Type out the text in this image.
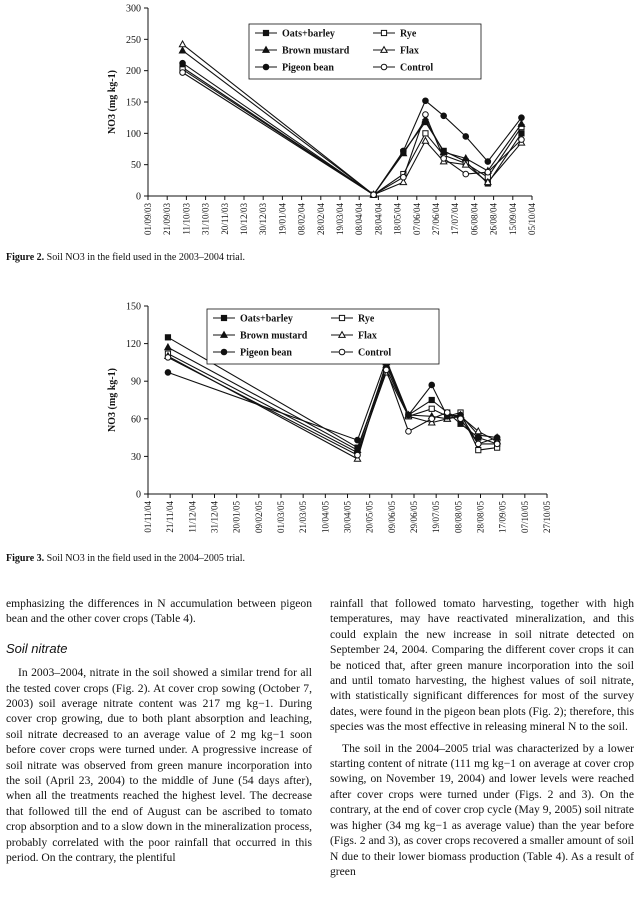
0
50
100
150
200
250
300
NO3 (mg kg-1)
01/09/03 21/09/03 11/10/03 31/10/03 20/11/03 10/12/03 30/12/03 19/01/04 08/02/04 28/02/04 19/03/04 08/04/04 28/04/04 18/05/04 07/06/04 27/06/04 17/07/04 06/08/04 26/08/04 15/09/04 05/10/04
Oats+barley	Rye
Brown mustard	Flax
Pigeon bean	Control
Figure 2. Soil NO3 in the field used in the 2003–2004 trial.
0
30
60
90
120
150
NO3 (mg kg-1)
01/11/04 21/11/04 11/12/04 31/12/04 20/01/05 09/02/05 01/03/05 21/03/05 10/04/05 30/04/05 20/05/05 09/06/05 29/06/05 19/07/05 08/08/05 28/08/05 17/09/05 07/10/05 27/10/05
Oats+barley	Rye
Brown mustard	Flax
Pigeon bean	Control
Figure 3. Soil NO3 in the field used in the 2004–2005 trial.

emphasizing the differences in N accumulation between pigeon bean and the other cover crops (Table 4).

Soil nitrate

In 2003–2004, nitrate in the soil showed a similar trend for all the tested cover crops (Fig. 2). At cover crop sowing (October 7, 2003) soil average nitrate content was 217 mg kg−1. During cover crop growing, due to both plant absorption and leaching, soil nitrate decreased to an average value of 2 mg kg−1 soon before cover crops were turned under. A progressive increase of soil nitrate was observed from green manure incorporation into the soil (April 23, 2004) to the middle of June (54 days after), when all the treatments reached the highest level. The decrease that followed till the end of August can be ascribed to tomato crop absorption and to a slow down in the mineralization process, probably correlated with the poor rainfall that occurred in this period. On the contrary, the plentiful

rainfall that followed tomato harvesting, together with high temperatures, may have reactivated mineralization, and this could explain the new increase in soil nitrate detected on September 24, 2004. Comparing the different cover crops it can be noticed that, after green manure incorporation into the soil and until tomato harvesting, the highest values of soil nitrate, with statistically significant differences for most of the survey dates, were found in the pigeon bean plots (Fig. 2); therefore, this species was the most effective in releasing mineral N to the soil.

The soil in the 2004–2005 trial was characterized by a lower starting content of nitrate (111 mg kg−1 on average at cover crop sowing, on November 19, 2004) and lower levels were reached after cover crops were turned under (Figs. 2 and 3). On the contrary, at the end of cover crop cycle (May 9, 2005) soil nitrate was higher (34 mg kg−1 as average value) than the year before (Figs. 2 and 3), as cover crops recovered a smaller amount of soil N due to their lower biomass production (Table 4). As a result of green
